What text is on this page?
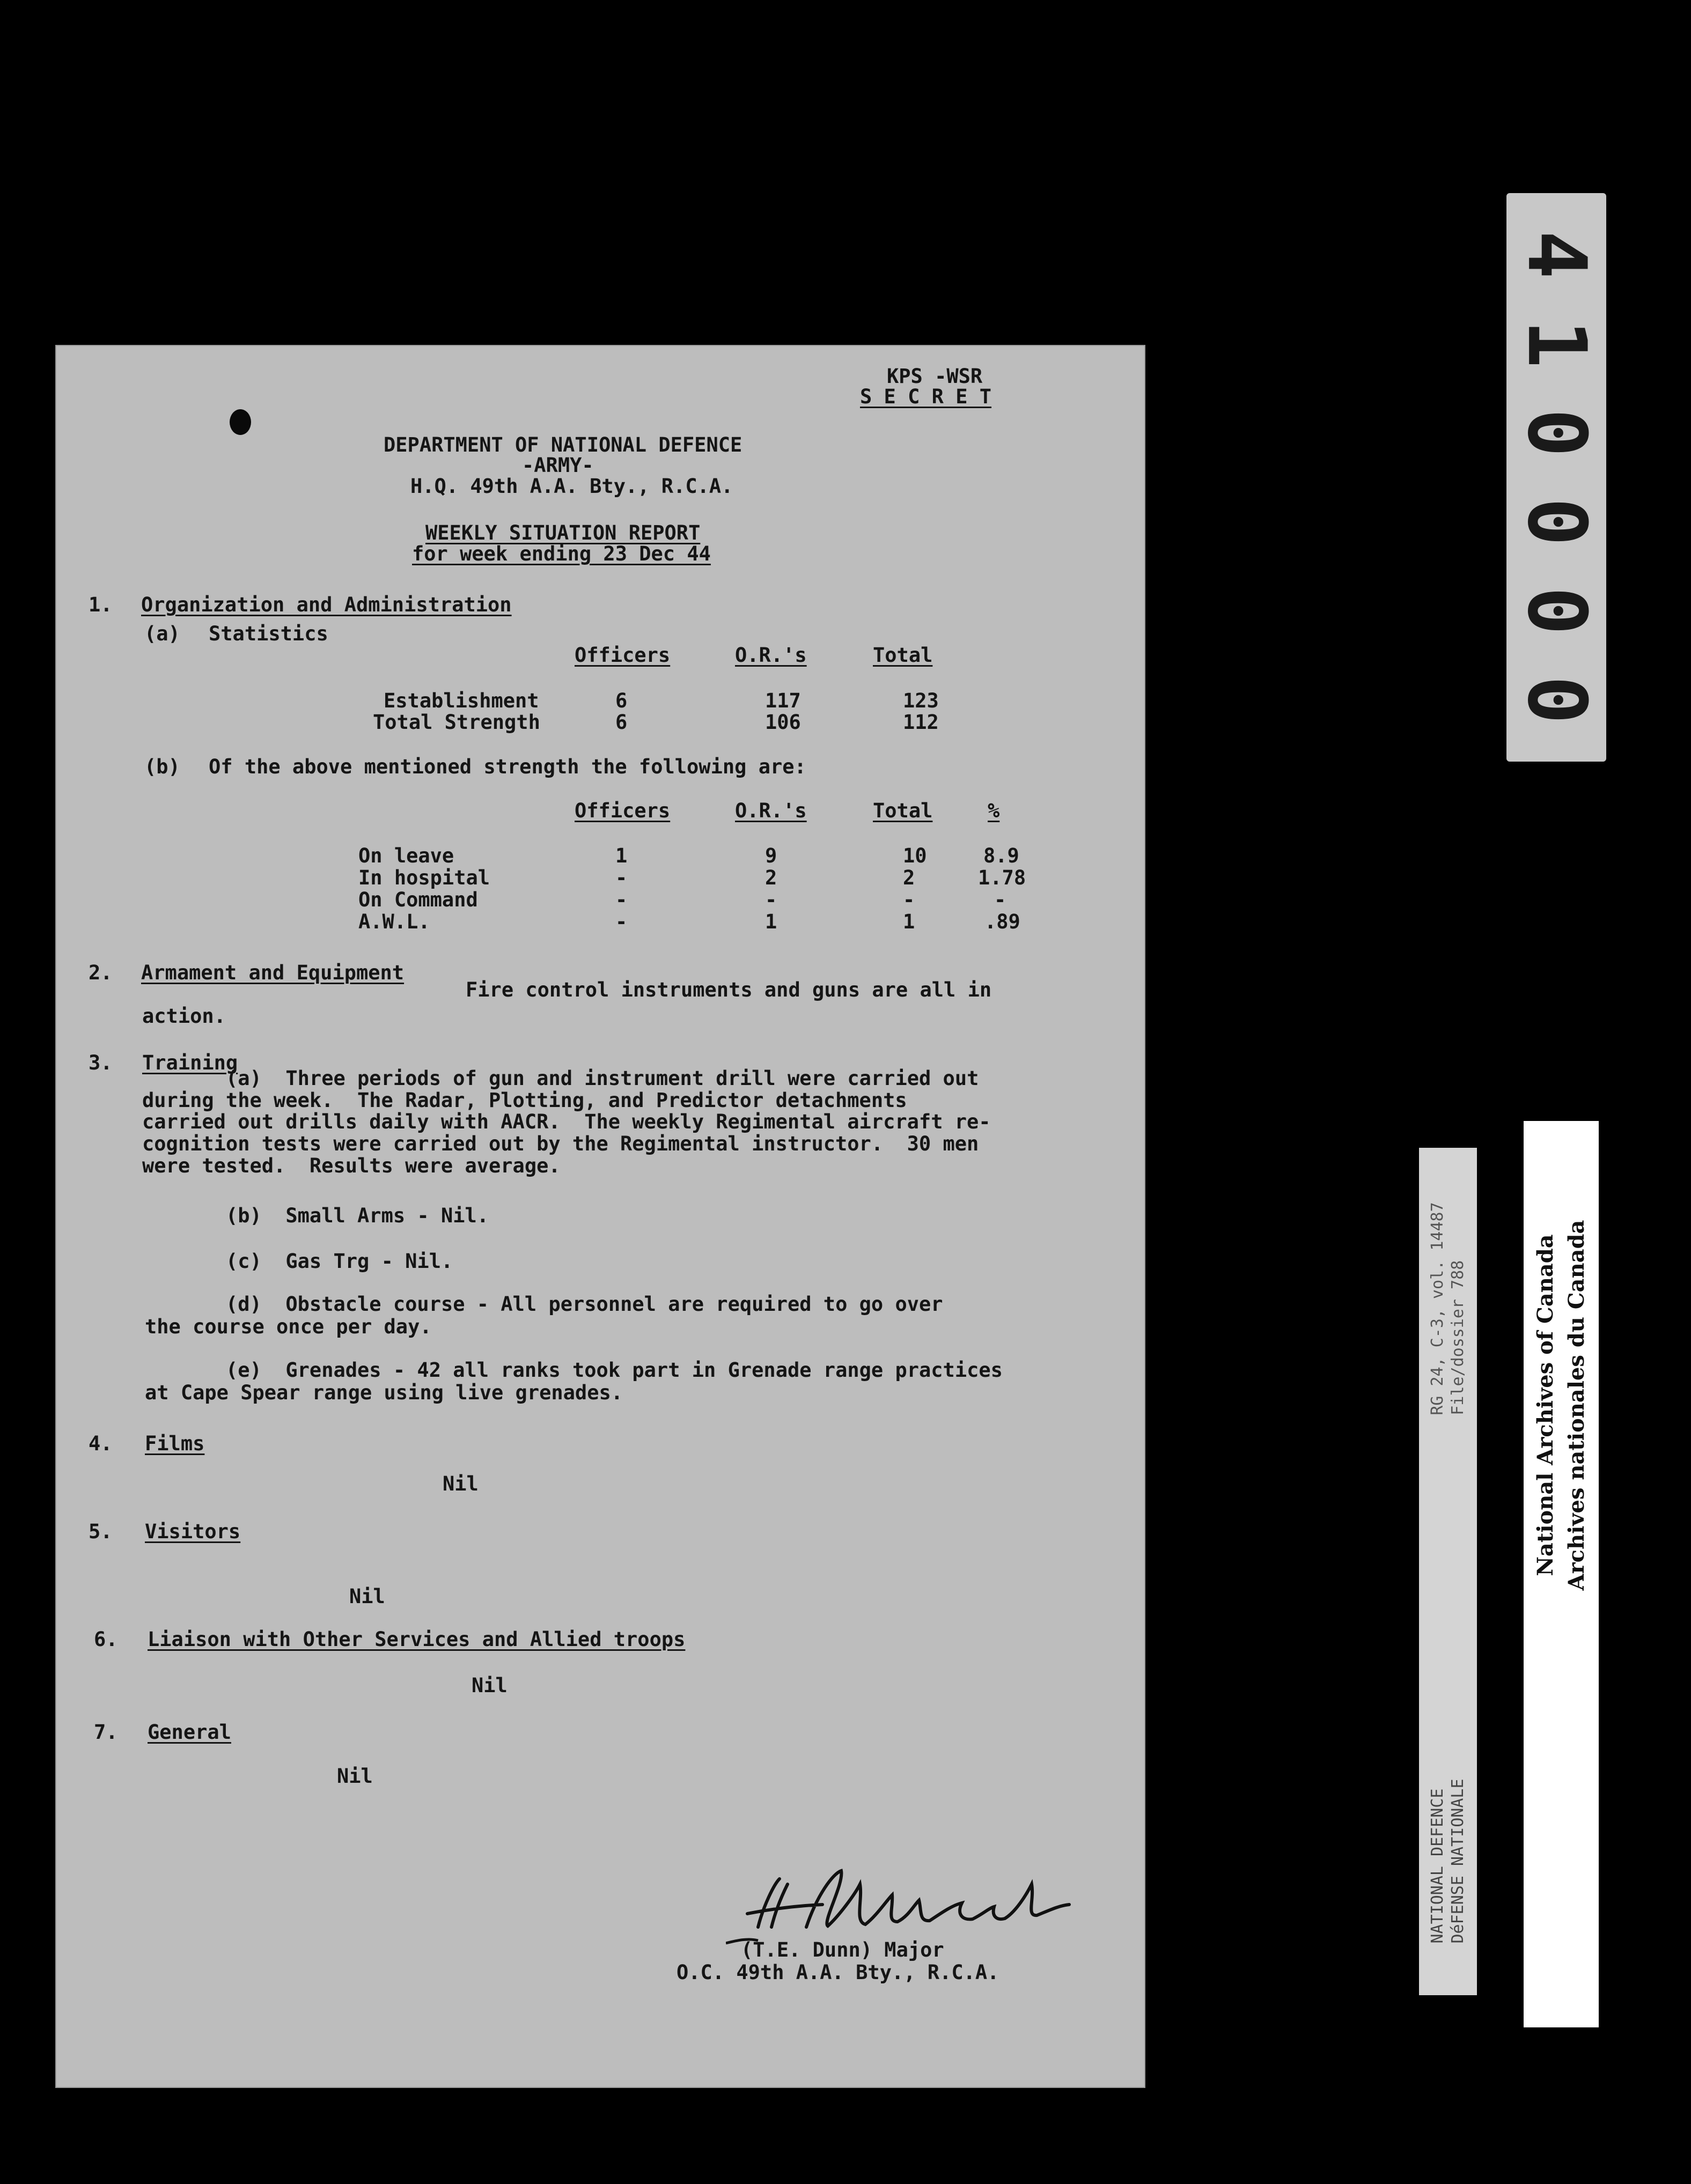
KPS -WSR
S E C R E T
DEPARTMENT OF NATIONAL DEFENCE
-ARMY-
H.Q. 49th A.A. Bty., R.C.A.
WEEKLY SITUATION REPORT
for week ending 23 Dec 44
1. Organization and Administration
(a) Statistics
Officers	O.R.'s	Total
Establishment	6	117	123
Total Strength	6	106	112
(b) Of the above mentioned strength the following are:
Officers	O.R.'s	Total	%
On leave	1	9	10	8.9
In hospital	-	2	2	1.78
On Command	-	-	-	-
A.W.L.	-	1	1	.89
2. Armament and Equipment
Fire control instruments and guns are all in
action.
3. Training
(a)  Three periods of gun and instrument drill were carried out
during the week.  The Radar, Plotting, and Predictor detachments
carried out drills daily with AACR.  The weekly Regimental aircraft re-
cognition tests were carried out by the Regimental instructor.  30 men
were tested.  Results were average.
(b)  Small Arms - Nil.
(c)  Gas Trg - Nil.
(d)  Obstacle course - All personnel are required to go over
the course once per day.
(e)  Grenades - 42 all ranks took part in Grenade range practices
at Cape Spear range using live grenades.
4. Films
Nil
5. Visitors
Nil
6. Liaison with Other Services and Allied troops
Nil
7. General
Nil
(T.E. Dunn) Major
O.C. 49th A.A. Bty., R.C.A.
4
1
0
0
0
0
RG 24, C-3, vol. 14487 File/dossier 788
NATIONAL DEFENCE DéFENSE NATIONALE
National Archives of Canada Archives nationales du Canada
